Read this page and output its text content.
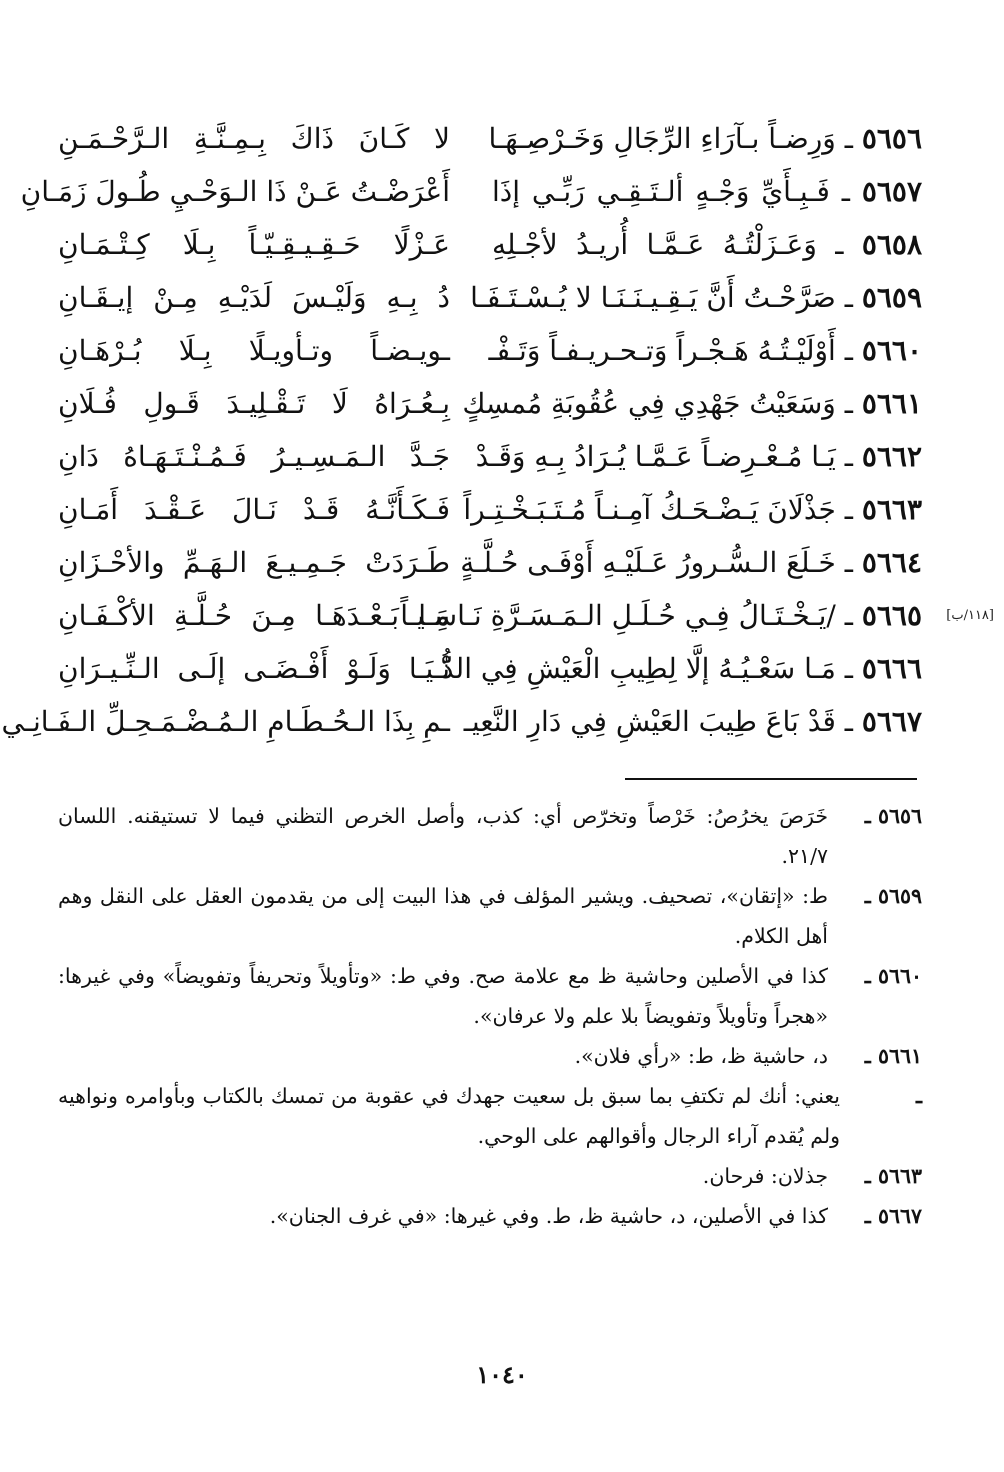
٥٦٥٦ ـ وَرِضـاً بـآرَاءِ الرِّجَالِ وَخَـرْصِـهَـا
لا كَـانَ ذَاكَ بِـمِـنَّـةِ الـرَّحْـمَـنِ
٥٦٥٧ ـ فَـبِـأَيِّ وَجْـهٍ ألـتَـقِـي رَبِّـي إذَا
أَعْرَضْـتُ عَـنْ ذَا الـوَحْـيِ طُـولَ زَمَـانِ
٥٦٥٨ ـ وَعَـزَلْتُـهُ عَـمَّـا أُريـدُ لأجْـلِهِ
عَـزْلًا حَـقِـيـقِـيّـاً بِـلَا كِـتْـمَـانِ
٥٦٥٩ ـ صَرَّحْـتُ أَنَّ يَـقِـيـنَـنَـا لا يُـسْـتَـفَـا
دُ بِـهِ وَلَيْـسَ لَدَيْـهِ مِـنْ إيـقَـانِ
٥٦٦٠ ـ أَوْلَيْـتُـهُ هَـجْـراً وَتـحـريـفـاً وَتَـفْـ
ـويـضـاً وتـأويـلًا بِـلَا بُـرْهَـانِ
٥٦٦١ ـ وَسَعَيْتُ جَهْدِي فِي عُقُوبَةِ مُمسِكٍ
بِـعُـرَاهُ لَا تَـقْـلِيـدَ قَـولِ فُـلَانِ
٥٦٦٢ ـ يَـا مُـعْـرِضـاً عَـمَّـا يُـرَادُ بِـهِ وَقَـدْ
جَـدَّ الـمَـسِـيـرُ فَـمُـنْـتَـهَـاهُ دَانِ
٥٦٦٣ ـ جَذْلَانَ يَـضْـحَـكُ آمِـنـاً مُـتَـبَـخْـتِـراً
فَـكَـأَنَّـهُ قَـدْ نَـالَ عَـقْـدَ أَمَـانِ
٥٦٦٤ ـ خَـلَعَ الـسُّـرورُ عَـلَيْـهِ أَوْفَـى حُـلَّـةٍ
طَـرَدَتْ جَـمِـيـعَ الـهَـمِّ والأحْـزَانِ
[١١٨/ب]
٥٦٦٥ ـ /يَـخْـتَـالُ فِـي حُـلَـلِ الـمَـسَـرَّةِ نَـاسِـيـاً
مَـا بَـعْـدَهَـا مِـنَ حُـلَّـةِ الأكْـفَـانِ
٥٦٦٦ ـ مَـا سَعْـيُـهُ إلَّا لِطِيبِ الْعَيْشِ فِي الدُّ
نْـيَـا وَلَـوْ أَفْـضَـى إلَـى الـنِّـيـرَانِ
٥٦٦٧ ـ قَدْ بَاعَ طِيبَ العَيْشِ فِي دَارِ النَّعِيـ
ـمِ بِذَا الـحُـطَـامِ الـمُـضْـمَـحِـلِّ الـفَـانِـي
٥٦٥٦ ـ
خَرَصَ يخرُصُ: خَرْصاً وتخرّص أي: كذب، وأصل الخرص التظني فيما لا تستيقنه. اللسان ٢١/٧.
٥٦٥٩ ـ
ط: «إتقان»، تصحيف. ويشير المؤلف في هذا البيت إلى من يقدمون العقل على النقل وهم أهل الكلام.
٥٦٦٠ ـ
كذا في الأصلين وحاشية ظ مع علامة صح. وفي ط: «وتأويلاً وتحريفاً وتفويضاً» وفي غيرها: «هجراً وتأويلاً وتفويضاً بلا علم ولا عرفان».
٥٦٦١ ـ
د، حاشية ظ، ط: «رأي فلان».
ـ
يعني: أنك لم تكتفِ بما سبق بل سعيت جهدك في عقوبة من تمسك بالكتاب وبأوامره ونواهيه ولم يُقدم آراء الرجال وأقوالهم على الوحي.
٥٦٦٣ ـ
جذلان: فرحان.
٥٦٦٧ ـ
كذا في الأصلين، د، حاشية ظ، ط. وفي غيرها: «في غرف الجنان».
١٠٤٠
